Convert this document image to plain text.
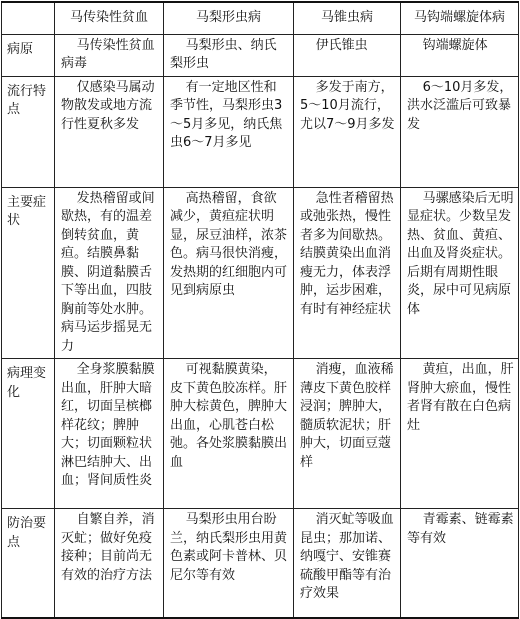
	马传染性贫血	马梨形虫病	马锥虫病	马钩端螺旋体病
病原	马传染性贫血病毒	马梨形虫、纳氏梨形虫	伊氏锥虫	钩端螺旋体

流行特点	仅感染马属动物散发或地方流行性夏秋多发	有一定地区性和季节性，马梨形虫3～5月多见，纳氏焦虫6～7月多见	多发于南方，5～10月流行，尤以7～9月多发	6～10月多发，洪水泛滥后可致暴发

主要症状	发热稽留或间歇热，有的温差倒转贫血，黄疸。结膜鼻黏膜、阴道黏膜舌下等出血，四肢胸前等处水肿。病马运步摇晃无力	高热稽留，食欲减少，黄疸症状明显，尿豆油样，浓茶色。病马很快消瘦，发热期的红细胞内可见到病原虫	急性者稽留热或弛张热，慢性者多为间歇热。结膜黄染出血消瘦无力，体表浮肿，运步困难，有时有神经症状	马骡感染后无明显症状。少数呈发热、贫血、黄疸、出血及肾炎症状。后期有周期性眼炎，尿中可见病原体

病理变化	全身浆膜黏膜出血，肝肿大暗红，切面呈槟榔样花纹；脾肿大；切面颗粒状淋巴结肿大、出血；肾间质性炎	可视黏膜黄染，皮下黄色胶冻样。肝肿大棕黄色，脾肿大出血，心肌苍白松弛。各处浆膜黏膜出血	消瘦，血液稀薄皮下黄色胶样浸润；脾肿大，髓质软泥状；肝肿大，切面豆蔻样	黄疸，出血，肝肾肿大瘀血，慢性者肾有散在白色病灶

防治要点	自繁自养，消灭虻；做好免疫接种；目前尚无有效的治疗方法	马梨形虫用台盼兰，纳氏梨形虫用黄色素或阿卡普林、贝尼尔等有效	消灭虻等吸血昆虫；那加诺、纳嘎宁、安锥赛硫酸甲酯等有治疗效果	青霉素、链霉素等有效
